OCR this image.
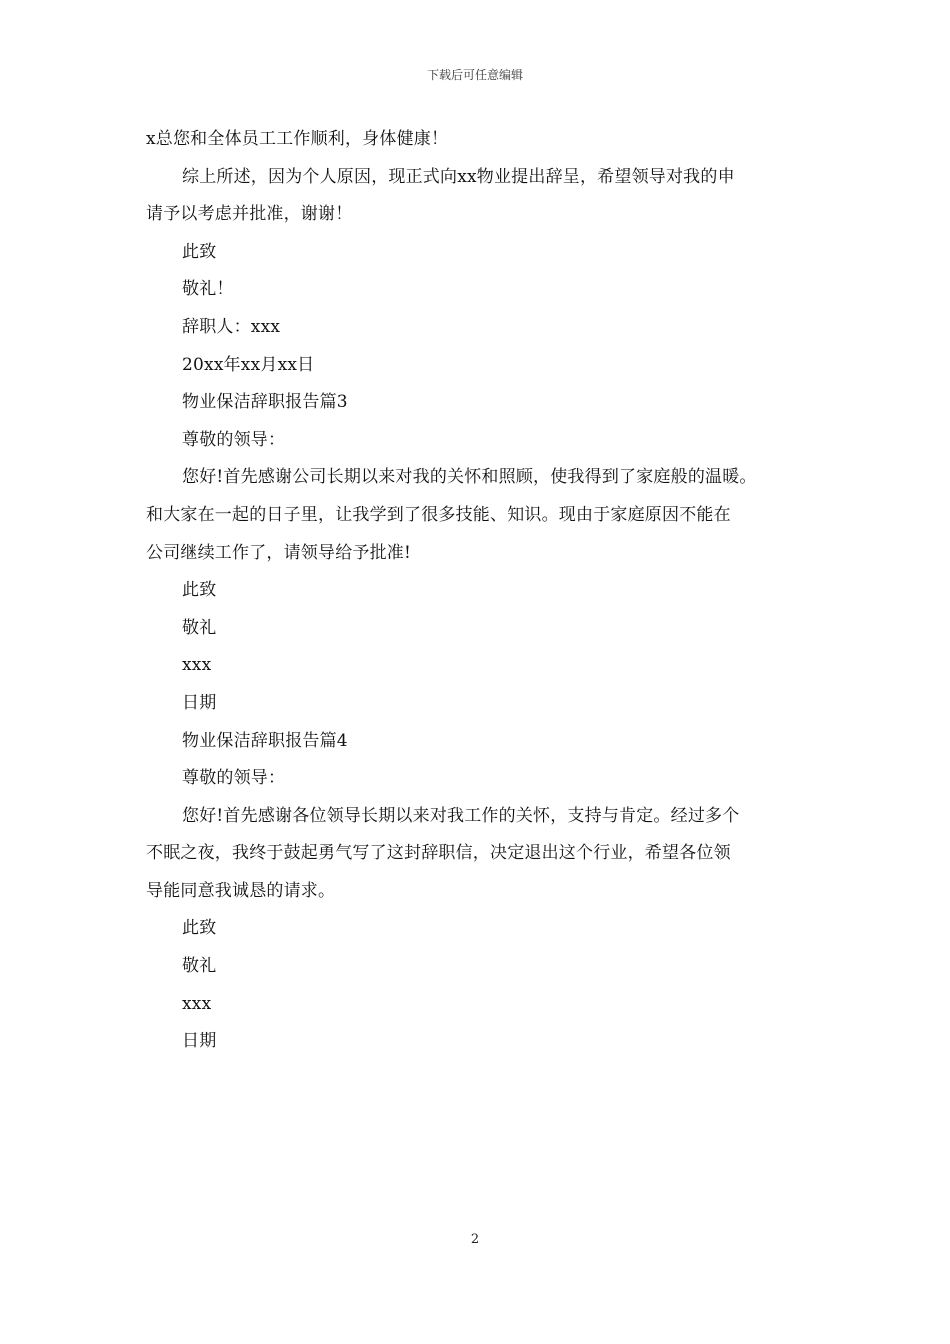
下载后可任意编辑
x总您和全体员工工作顺利，身体健康！
综上所述，因为个人原因，现正式向xx物业提出辞呈，希望领导对我的申
请予以考虑并批准，谢谢！
此致
敬礼！
辞职人：xxx
20xx年xx月xx日
物业保洁辞职报告篇3
尊敬的领导：
您好!首先感谢公司长期以来对我的关怀和照顾，使我得到了家庭般的温暖。
和大家在一起的日子里，让我学到了很多技能、知识。现由于家庭原因不能在
公司继续工作了，请领导给予批准!
此致
敬礼
xxx
日期
物业保洁辞职报告篇4
尊敬的领导：
您好!首先感谢各位领导长期以来对我工作的关怀，支持与肯定。经过多个
不眠之夜，我终于鼓起勇气写了这封辞职信，决定退出这个行业，希望各位领
导能同意我诚恳的请求。
此致
敬礼
xxx
日期
2
